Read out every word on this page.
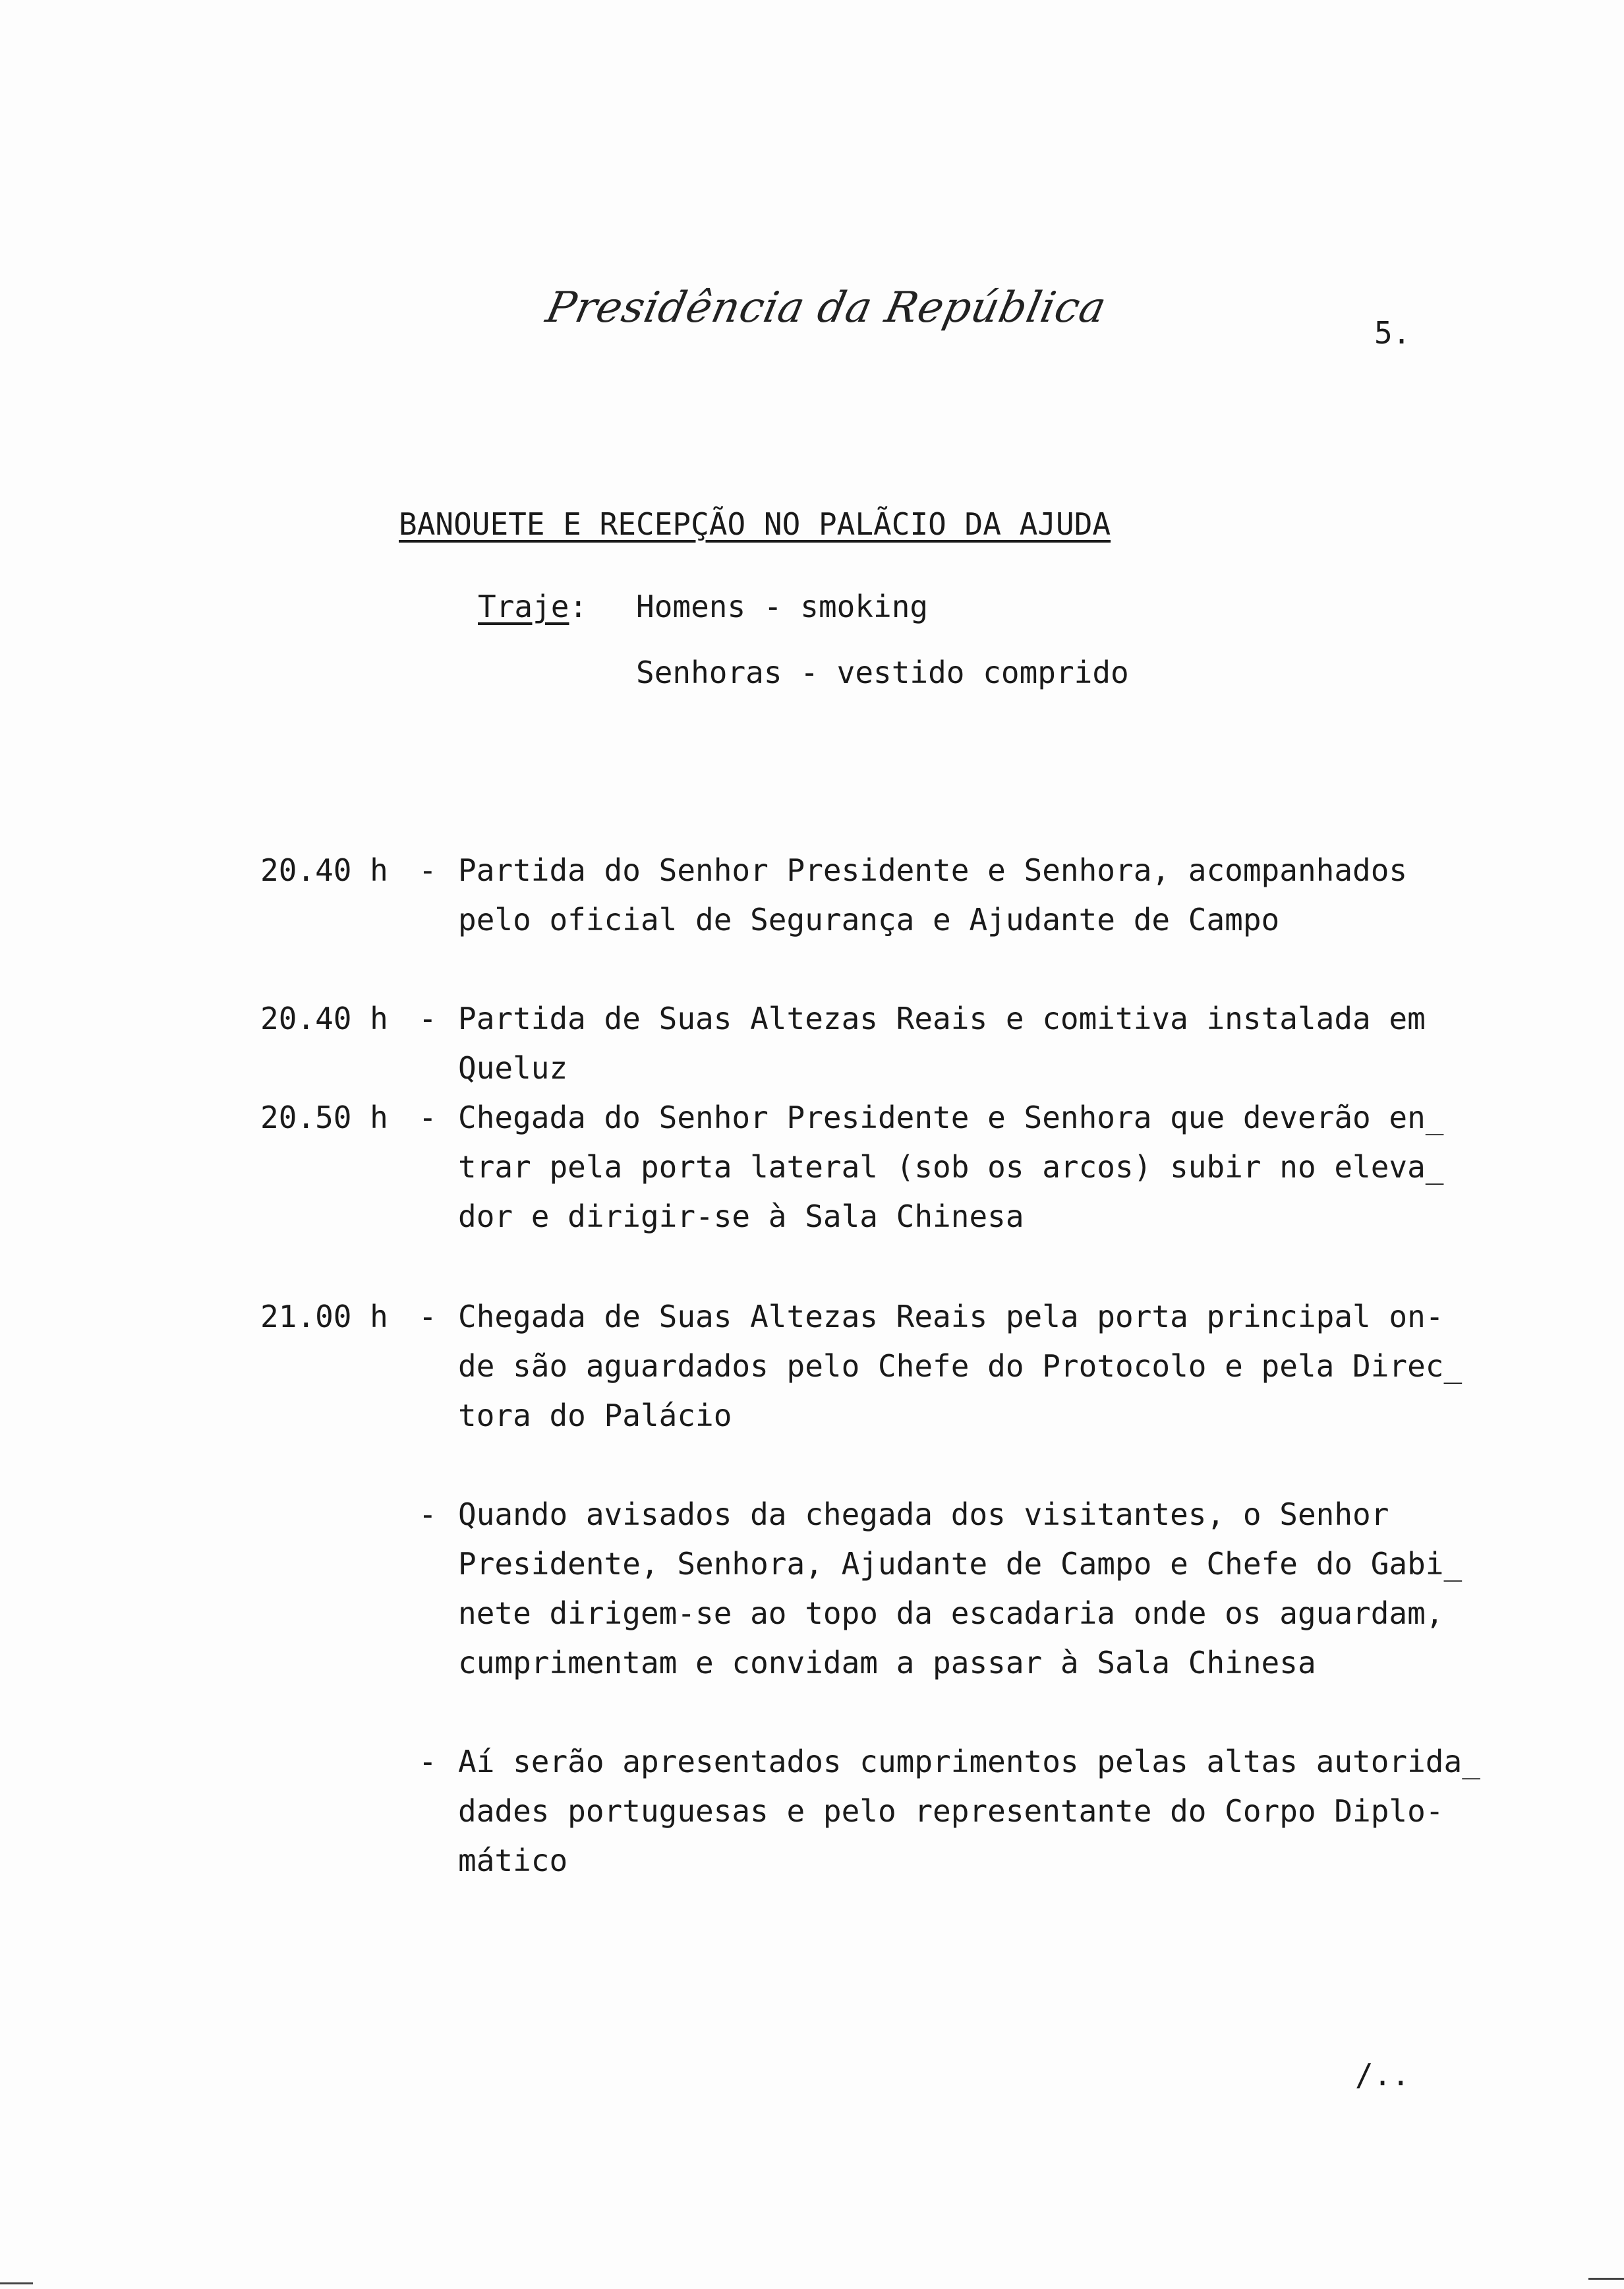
Presidência da República
5.
BANOUETE E RECEPÇÃO NO PALÃCIO DA AJUDA
Traje: Homens - smoking
Senhoras - vestido comprido
20.40 h - Partida do Senhor Presidente e Senhora, acompanhados
pelo oficial de Segurança e Ajudante de Campo
20.40 h - Partida de Suas Altezas Reais e comitiva instalada em
Queluz
20.50 h - Chegada do Senhor Presidente e Senhora que deverão en̲
trar pela porta lateral (sob os arcos) subir no eleva̲
dor e dirigir-se à Sala Chinesa
21.00 h - Chegada de Suas Altezas Reais pela porta principal on-
de são aguardados pelo Chefe do Protocolo e pela Direc̲
tora do Palácio
- Quando avisados da chegada dos visitantes, o Senhor
Presidente, Senhora, Ajudante de Campo e Chefe do Gabi̲
nete dirigem-se ao topo da escadaria onde os aguardam,
cumprimentam e convidam a passar à Sala Chinesa
- Aí serão apresentados cumprimentos pelas altas autorida̲
dades portuguesas e pelo representante do Corpo Diplo-
mático
/..
